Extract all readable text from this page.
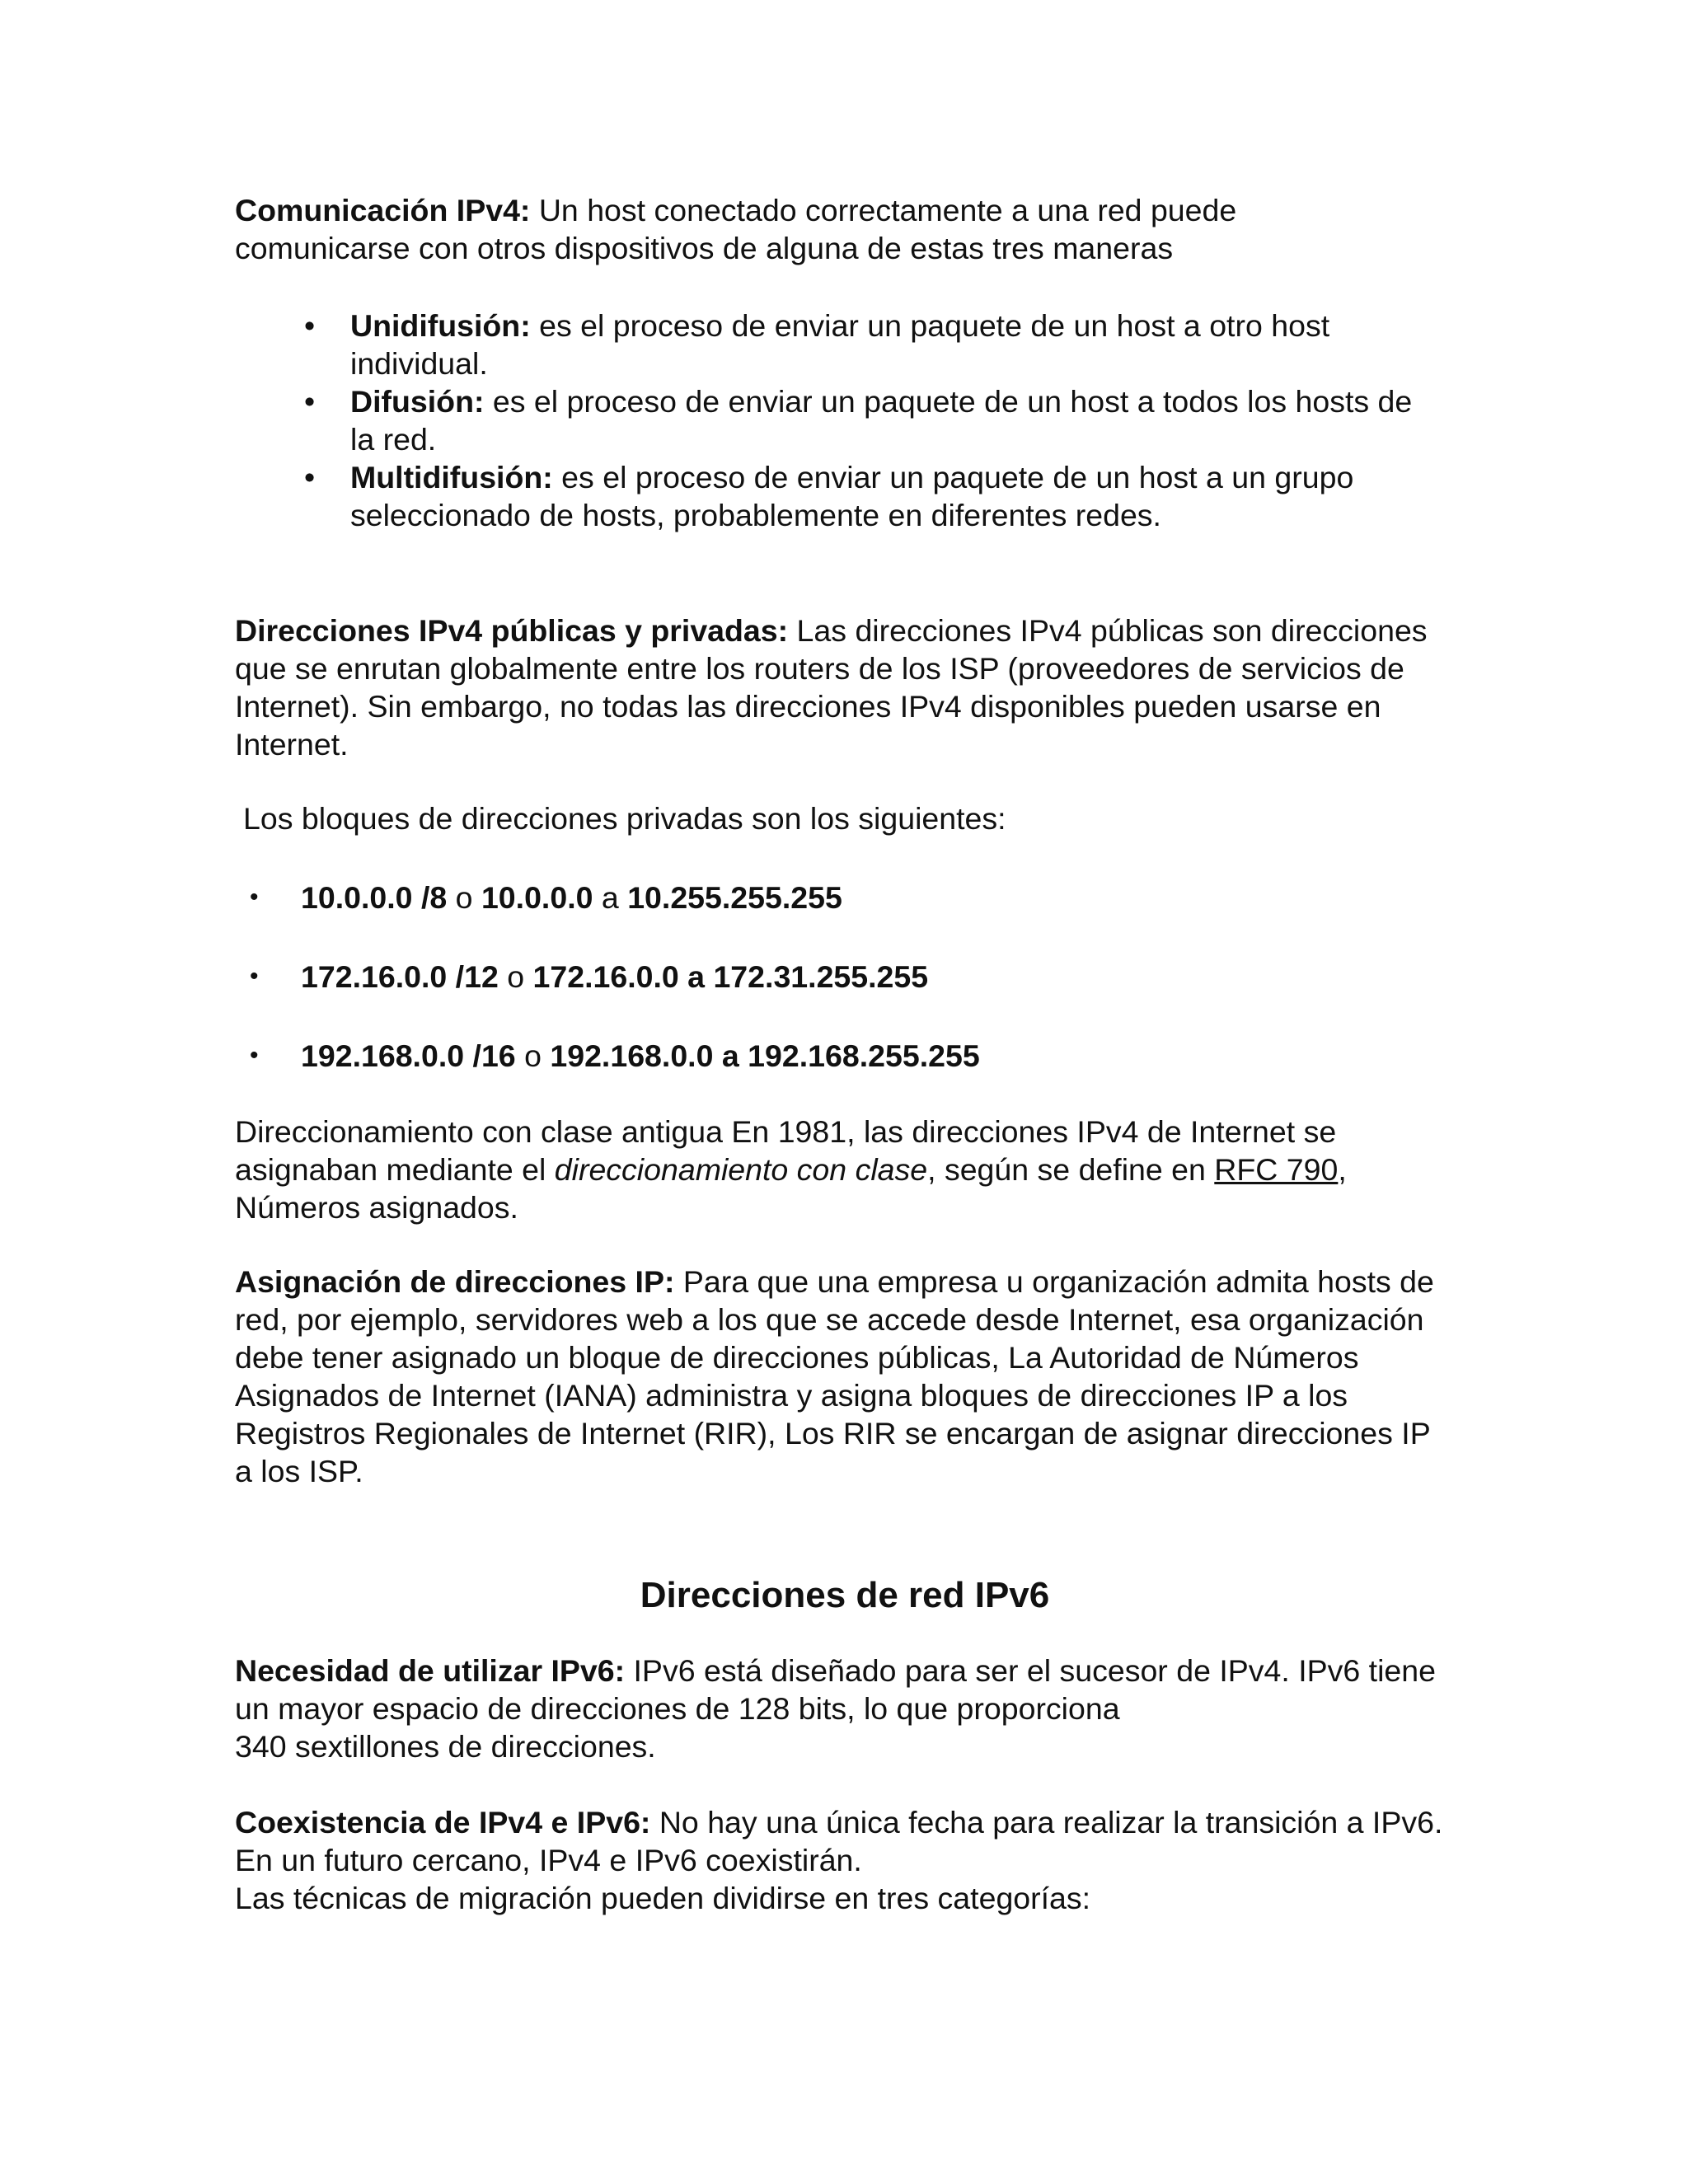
Comunicación IPv4: Un host conectado correctamente a una red puede comunicarse con otros dispositivos de alguna de estas tres maneras

• Unidifusión: es el proceso de enviar un paquete de un host a otro host individual.
• Difusión: es el proceso de enviar un paquete de un host a todos los hosts de la red.
• Multidifusión: es el proceso de enviar un paquete de un host a un grupo seleccionado de hosts, probablemente en diferentes redes.

Direcciones IPv4 públicas y privadas: Las direcciones IPv4 públicas son direcciones que se enrutan globalmente entre los routers de los ISP (proveedores de servicios de Internet). Sin embargo, no todas las direcciones IPv4 disponibles pueden usarse en Internet.

Los bloques de direcciones privadas son los siguientes:

• 10.0.0.0 /8 o 10.0.0.0 a 10.255.255.255
• 172.16.0.0 /12 o 172.16.0.0 a 172.31.255.255
• 192.168.0.0 /16 o 192.168.0.0 a 192.168.255.255

Direccionamiento con clase antigua En 1981, las direcciones IPv4 de Internet se asignaban mediante el direccionamiento con clase, según se define en RFC 790, Números asignados.

Asignación de direcciones IP: Para que una empresa u organización admita hosts de red, por ejemplo, servidores web a los que se accede desde Internet, esa organización debe tener asignado un bloque de direcciones públicas, La Autoridad de Números Asignados de Internet (IANA) administra y asigna bloques de direcciones IP a los Registros Regionales de Internet (RIR), Los RIR se encargan de asignar direcciones IP a los ISP.

Direcciones de red IPv6

Necesidad de utilizar IPv6: IPv6 está diseñado para ser el sucesor de IPv4. IPv6 tiene un mayor espacio de direcciones de 128 bits, lo que proporciona
340 sextillones de direcciones.

Coexistencia de IPv4 e IPv6: No hay una única fecha para realizar la transición a IPv6. En un futuro cercano, IPv4 e IPv6 coexistirán.
Las técnicas de migración pueden dividirse en tres categorías:
